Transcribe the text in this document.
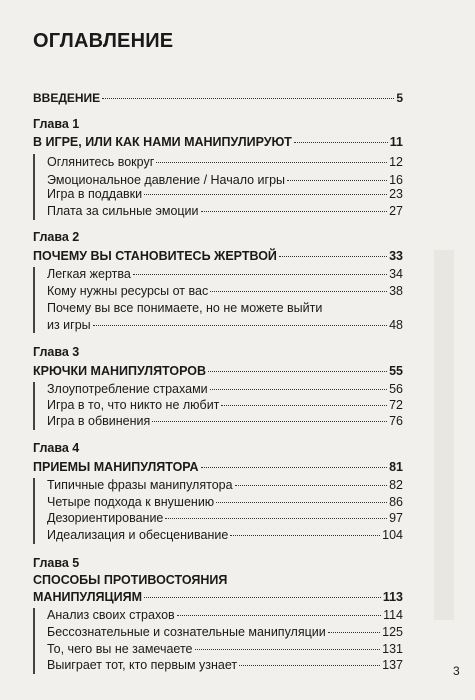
ОГЛАВЛЕНИЕ
ВВЕДЕНИЕ	5
Глава 1
В ИГРЕ, ИЛИ КАК НАМИ МАНИПУЛИРУЮТ	11
Оглянитесь вокруг	12
Эмоциональное давление / Начало игры	16
Игра в поддавки	23
Плата за сильные эмоции	27
Глава 2
ПОЧЕМУ ВЫ СТАНОВИТЕСЬ ЖЕРТВОЙ	33
Легкая жертва	34
Кому нужны ресурсы от вас	38
Почему вы все понимаете, но не можете выйти
из игры	48
Глава 3
КРЮЧКИ МАНИПУЛЯТОРОВ	55
Злоупотребление страхами	56
Игра в то, что никто не любит	72
Игра в обвинения	76
Глава 4
ПРИЕМЫ МАНИПУЛЯТОРА	81
Типичные фразы манипулятора	82
Четыре подхода к внушению	86
Дезориентирование	97
Идеализация и обесценивание	104
Глава 5
СПОСОБЫ ПРОТИВОСТОЯНИЯ
МАНИПУЛЯЦИЯМ	113
Анализ своих страхов	114
Бессознательные и сознательные манипуляции	125
То, чего вы не замечаете	131
Выиграет тот, кто первым узнает	137	3
